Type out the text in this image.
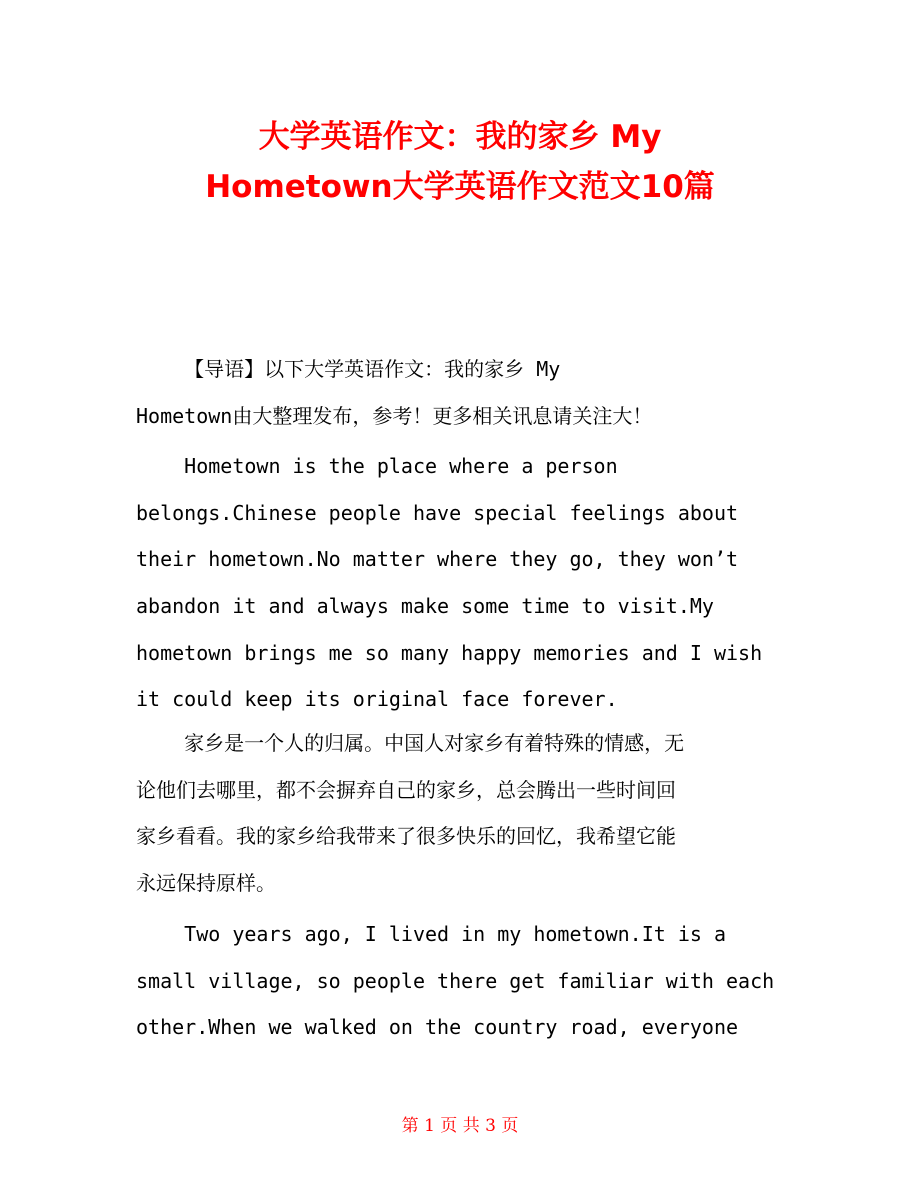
大学英语作文：我的家乡 My
Hometown大学英语作文范文10篇
【导语】以下大学英语作文：我的家乡 My
Hometown由大整理发布，参考！更多相关讯息请关注大！
Hometown is the place where a person
belongs.Chinese people have special feelings about
their hometown.No matter where they go, they won’t
abandon it and always make some time to visit.My
hometown brings me so many happy memories and I wish
it could keep its original face forever.
家乡是一个人的归属。中国人对家乡有着特殊的情感，无
论他们去哪里，都不会摒弃自己的家乡，总会腾出一些时间回
家乡看看。我的家乡给我带来了很多快乐的回忆，我希望它能
永远保持原样。
Two years ago, I lived in my hometown.It is a
small village, so people there get familiar with each
other.When we walked on the country road, everyone
第 1 页 共 3 页
